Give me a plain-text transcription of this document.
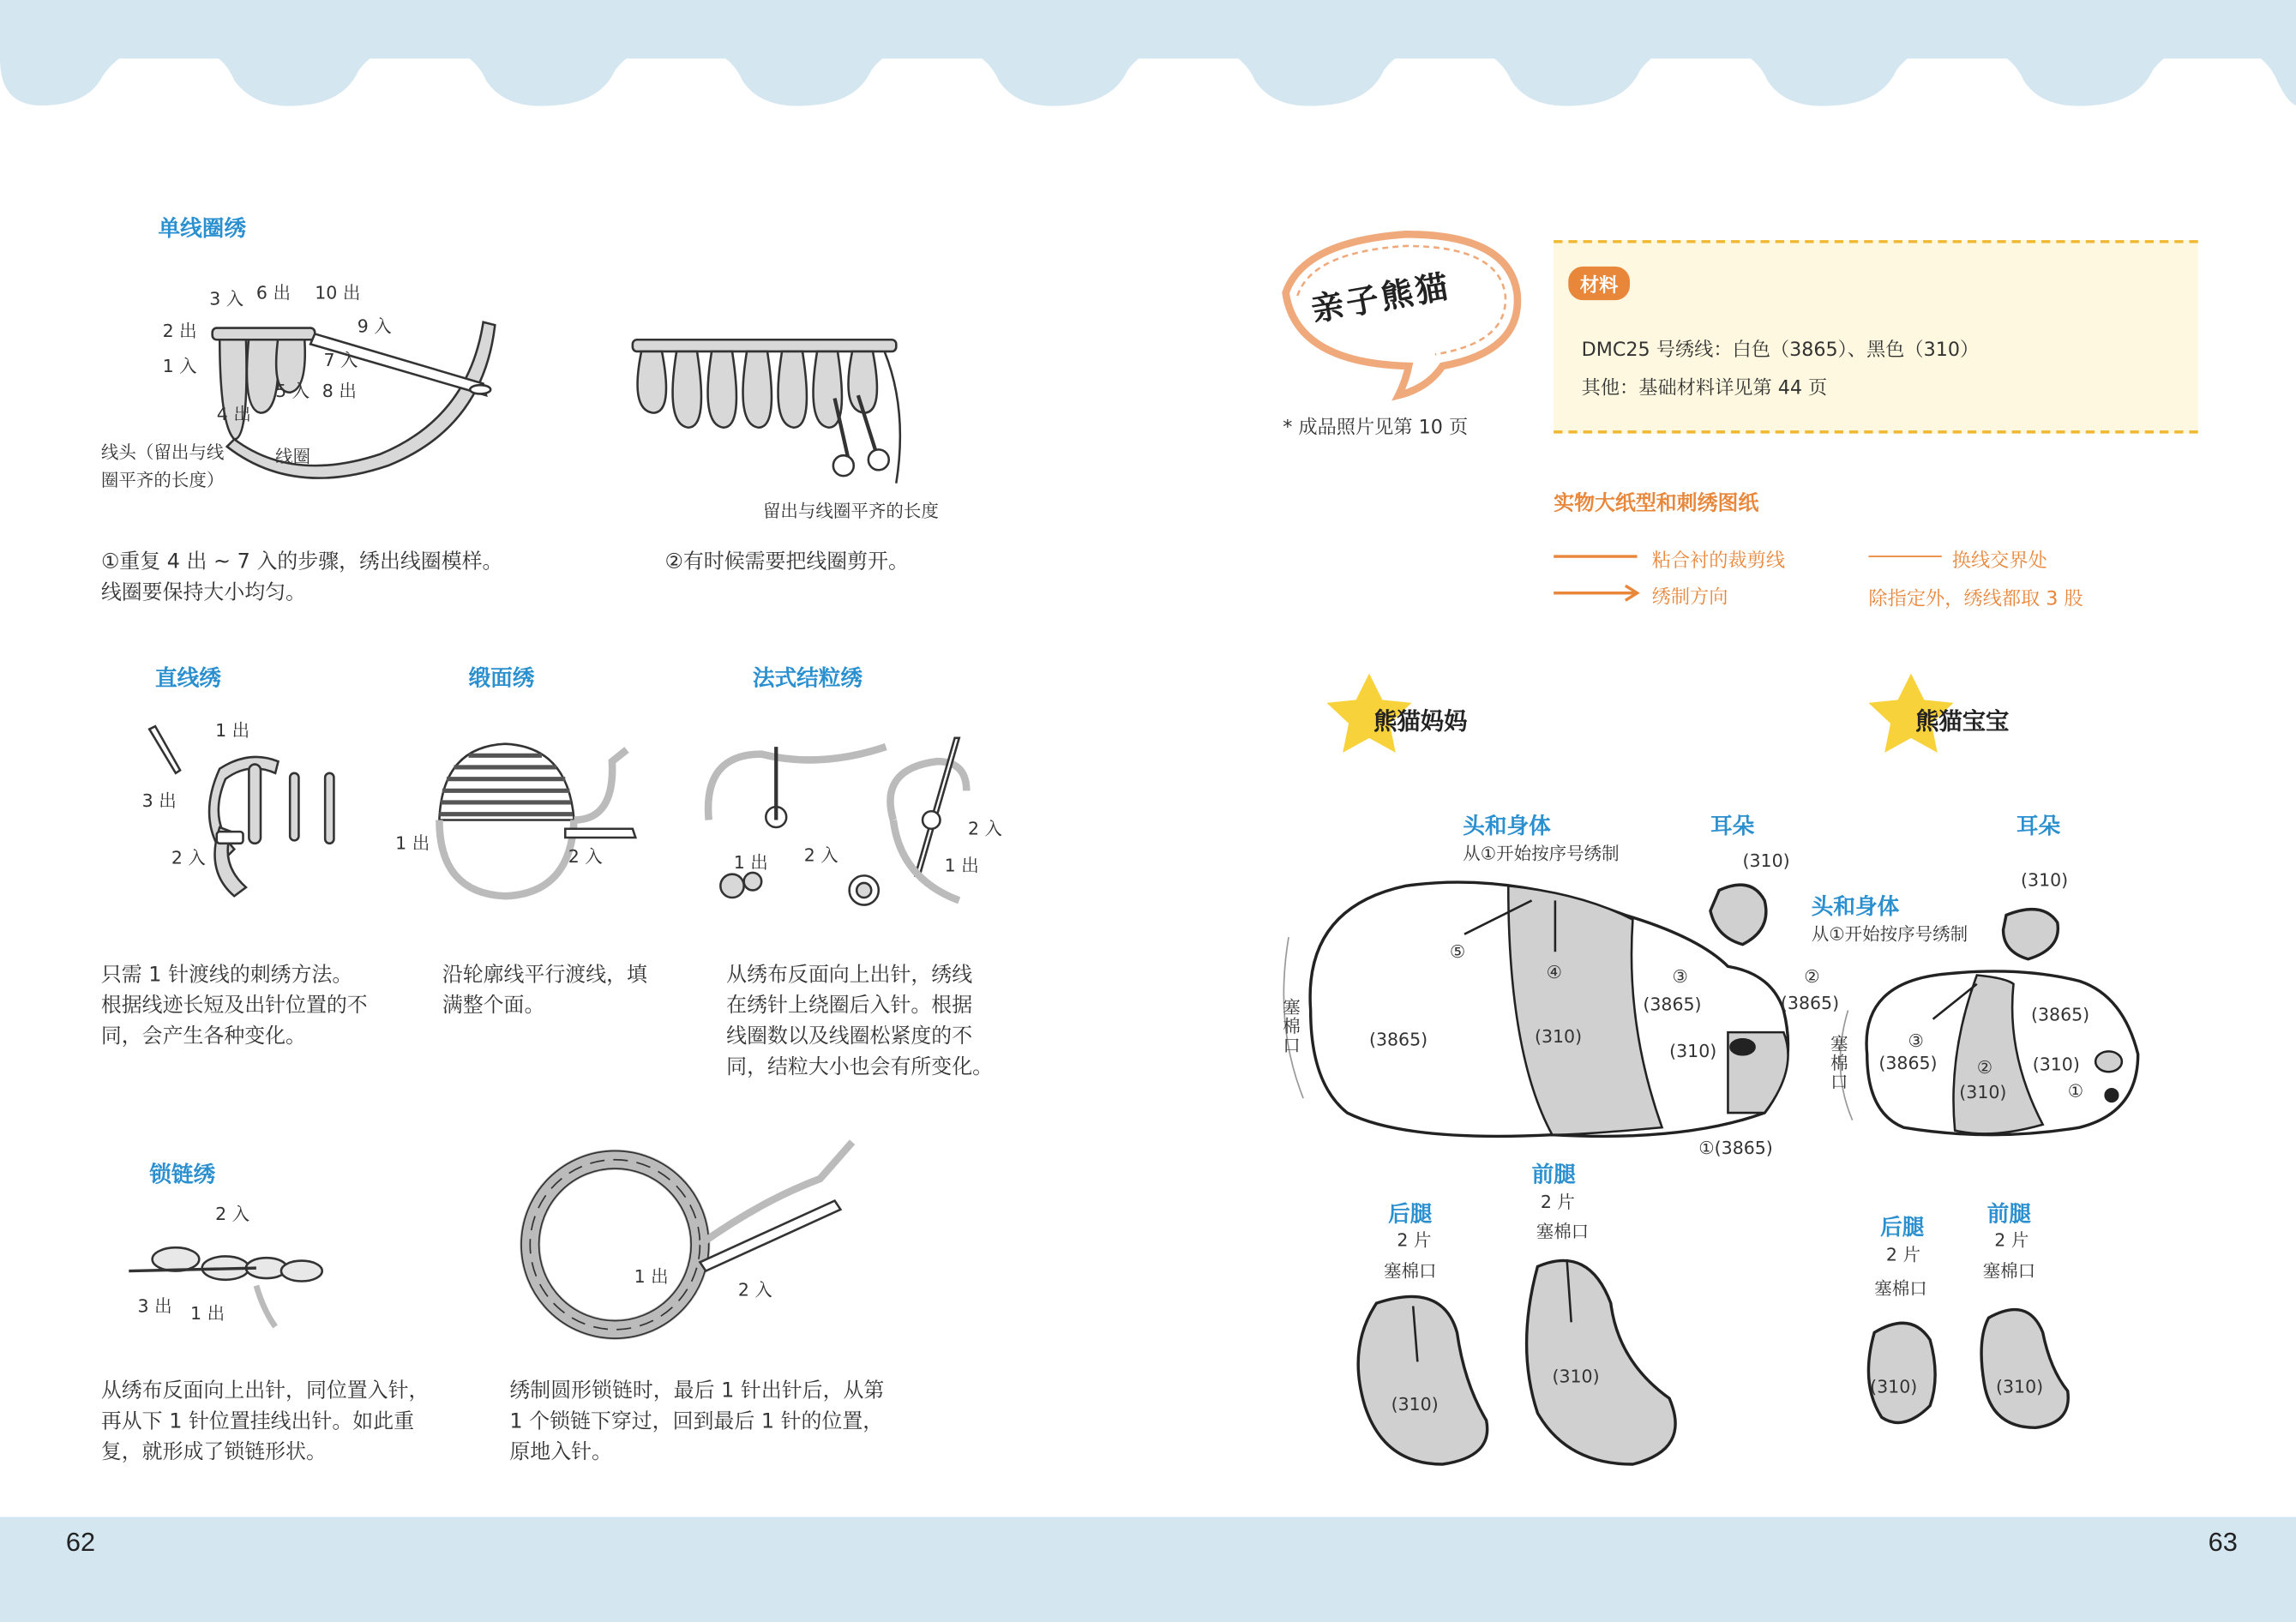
单线圈绣
3 入 6 出 10 出
2 出	9 入
1 入	7 入
5 入 8 出
4 出
线头（留出与线
圈平齐的长度）
线圈
留出与线圈平齐的长度
①重复 4 出 ~ 7 入的步骤，绣出线圈模样。
线圈要保持大小均匀。
②有时候需要把线圈剪开。
直线绣
1 出
3 出
2 入
只需 1 针渡线的刺绣方法。
根据线迹长短及出针位置的不
同，会产生各种变化。
缎面绣
1 出
2 入
沿轮廓线平行渡线，填
满整个面。
法式结粒绣
1 出	2 入
2 入
1 出
从绣布反面向上出针，绣线
在绣针上绕圈后入针。根据
线圈数以及线圈松紧度的不
同，结粒大小也会有所变化。
锁链绣
2 入
3 出 1 出
1 出
2 入
从绣布反面向上出针，同位置入针，
再从下 1 针位置挂线出针。如此重
复，就形成了锁链形状。
绣制圆形锁链时，最后 1 针出针后，从第
1 个锁链下穿过，回到最后 1 针的位置，
原地入针。
62	63
亲子熊猫
* 成品照片见第 10 页
材料
DMC25 号绣线：白色（3865）、黑色（310）
其他：基础材料详见第 44 页
实物大纸型和刺绣图纸
粘合衬的裁剪线	换线交界处
绣制方向	除指定外，绣线都取 3 股
熊猫妈妈
头和身体
从①开始按序号绣制
耳朵
(310)
塞棉口
⑤
④	③	②
(3865)	(310)
(3865)	(3865)
(310)
①(3865)
后腿
2 片
塞棉口
(310)
前腿
2 片
塞棉口
(310)
熊猫宝宝
耳朵
(310)
头和身体
从①开始按序号绣制
塞棉口
③
(3865)
(3865)
②
(310)
(310)
①
后腿
2 片
塞棉口
(310)
前腿
2 片
塞棉口
(310)
